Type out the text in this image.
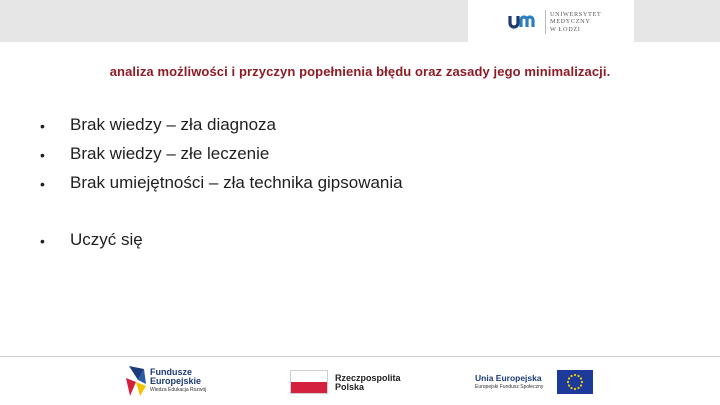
UNIWERSYTET
MEDYCZNY
W ŁODZI
analiza możliwości i przyczyn popełnienia błędu oraz zasady jego minimalizacji.
• Brak wiedzy – zła diagnoza
• Brak wiedzy – złe leczenie
• Brak umiejętności – zła technika gipsowania
• Uczyć się
Fundusze
Europejskie
Wiedza Edukacja Rozwój
Rzeczpospolita
Polska
Unia Europejska
Europejski Fundusz Społeczny
